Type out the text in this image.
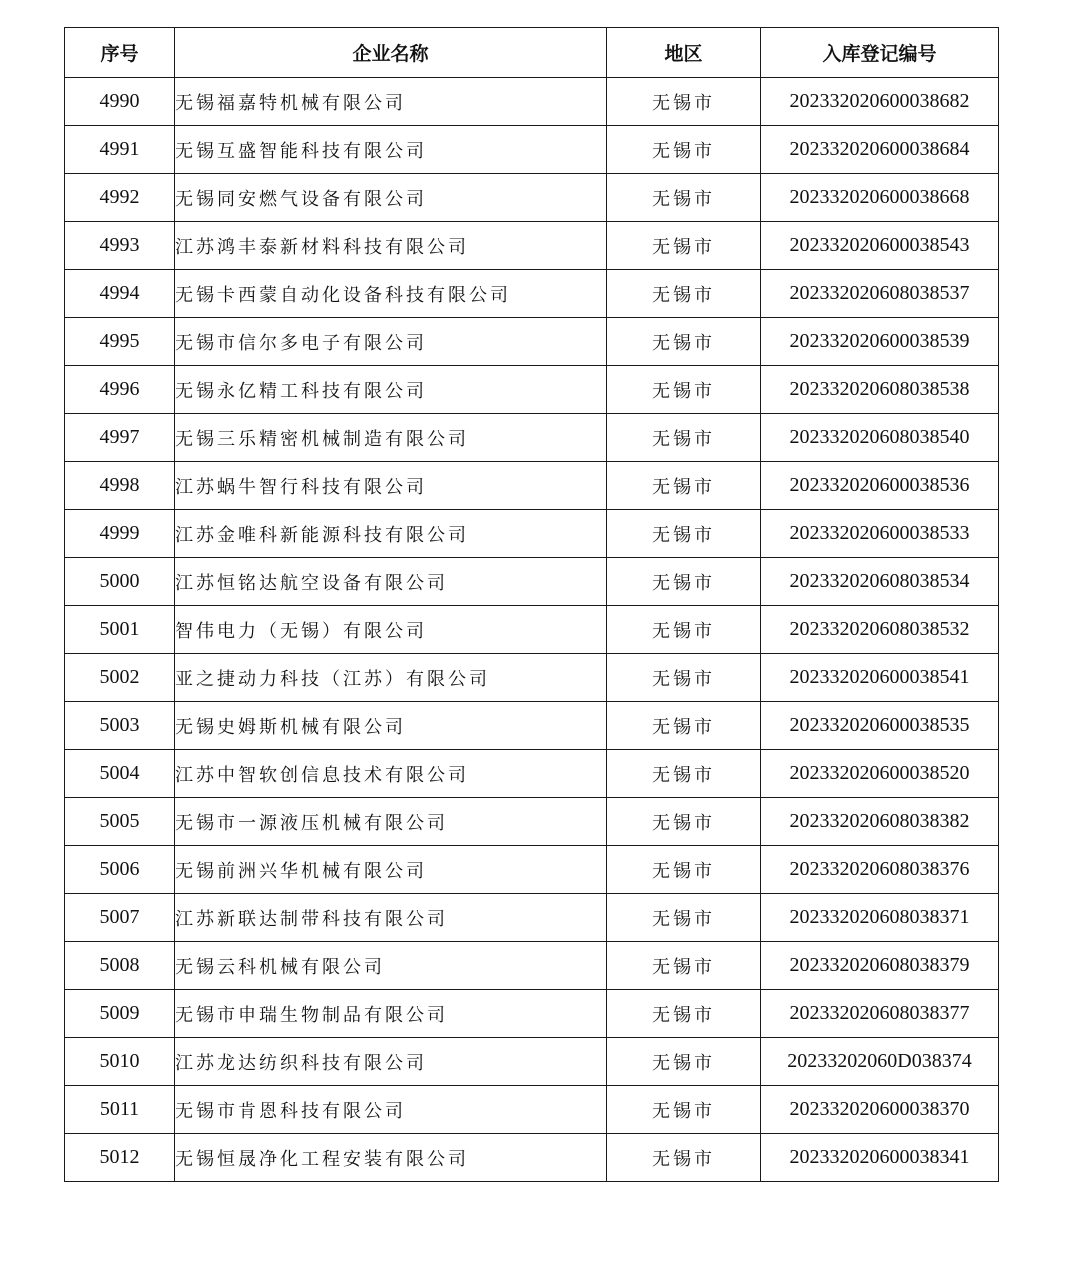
序号	企业名称	地区	入库登记编号
4990	无锡福嘉特机械有限公司	无锡市	202332020600038682
4991	无锡互盛智能科技有限公司	无锡市	202332020600038684
4992	无锡同安燃气设备有限公司	无锡市	202332020600038668
4993	江苏鸿丰泰新材料科技有限公司	无锡市	202332020600038543
4994	无锡卡西蒙自动化设备科技有限公司	无锡市	202332020608038537
4995	无锡市信尔多电子有限公司	无锡市	202332020600038539
4996	无锡永亿精工科技有限公司	无锡市	202332020608038538
4997	无锡三乐精密机械制造有限公司	无锡市	202332020608038540
4998	江苏蜗牛智行科技有限公司	无锡市	202332020600038536
4999	江苏金唯科新能源科技有限公司	无锡市	202332020600038533
5000	江苏恒铭达航空设备有限公司	无锡市	202332020608038534
5001	智伟电力（无锡）有限公司	无锡市	202332020608038532
5002	亚之捷动力科技（江苏）有限公司	无锡市	202332020600038541
5003	无锡史姆斯机械有限公司	无锡市	202332020600038535
5004	江苏中智软创信息技术有限公司	无锡市	202332020600038520
5005	无锡市一源液压机械有限公司	无锡市	202332020608038382
5006	无锡前洲兴华机械有限公司	无锡市	202332020608038376
5007	江苏新联达制带科技有限公司	无锡市	202332020608038371
5008	无锡云科机械有限公司	无锡市	202332020608038379
5009	无锡市申瑞生物制品有限公司	无锡市	202332020608038377
5010	江苏龙达纺织科技有限公司	无锡市	20233202060D038374
5011	无锡市肯恩科技有限公司	无锡市	202332020600038370
5012	无锡恒晟净化工程安装有限公司	无锡市	202332020600038341
